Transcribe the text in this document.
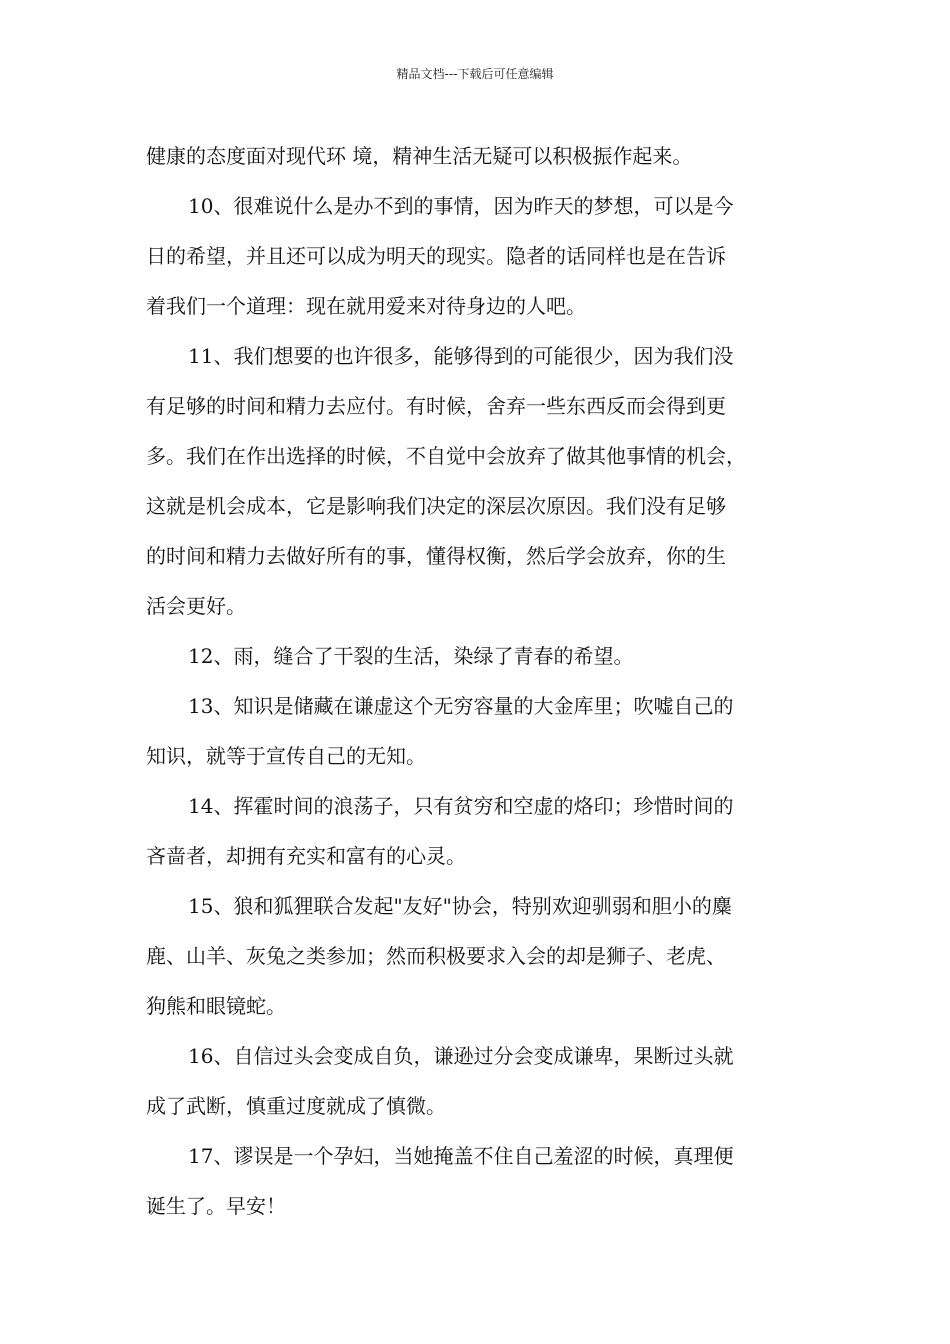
精品文档---下载后可任意编辑
健康的态度面对现代环 境，精神生活无疑可以积极振作起来。
10、很难说什么是办不到的事情，因为昨天的梦想，可以是今
日的希望，并且还可以成为明天的现实。隐者的话同样也是在告诉
着我们一个道理：现在就用爱来对待身边的人吧。
11、我们想要的也许很多，能够得到的可能很少，因为我们没
有足够的时间和精力去应付。有时候，舍弃一些东西反而会得到更
多。我们在作出选择的时候，不自觉中会放弃了做其他事情的机会，
这就是机会成本，它是影响我们决定的深层次原因。我们没有足够
的时间和精力去做好所有的事，懂得权衡，然后学会放弃，你的生
活会更好。
12、雨，缝合了干裂的生活，染绿了青春的希望。
13、知识是储藏在谦虚这个无穷容量的大金库里；吹嘘自己的
知识，就等于宣传自己的无知。
14、挥霍时间的浪荡子，只有贫穷和空虚的烙印；珍惜时间的
吝啬者，却拥有充实和富有的心灵。
15、狼和狐狸联合发起"友好"协会，特别欢迎驯弱和胆小的麋
鹿、山羊、灰兔之类参加；然而积极要求入会的却是狮子、老虎、
狗熊和眼镜蛇。
16、自信过头会变成自负，谦逊过分会变成谦卑，果断过头就
成了武断，慎重过度就成了慎微。
17、谬误是一个孕妇，当她掩盖不住自己羞涩的时候，真理便
诞生了。早安！
